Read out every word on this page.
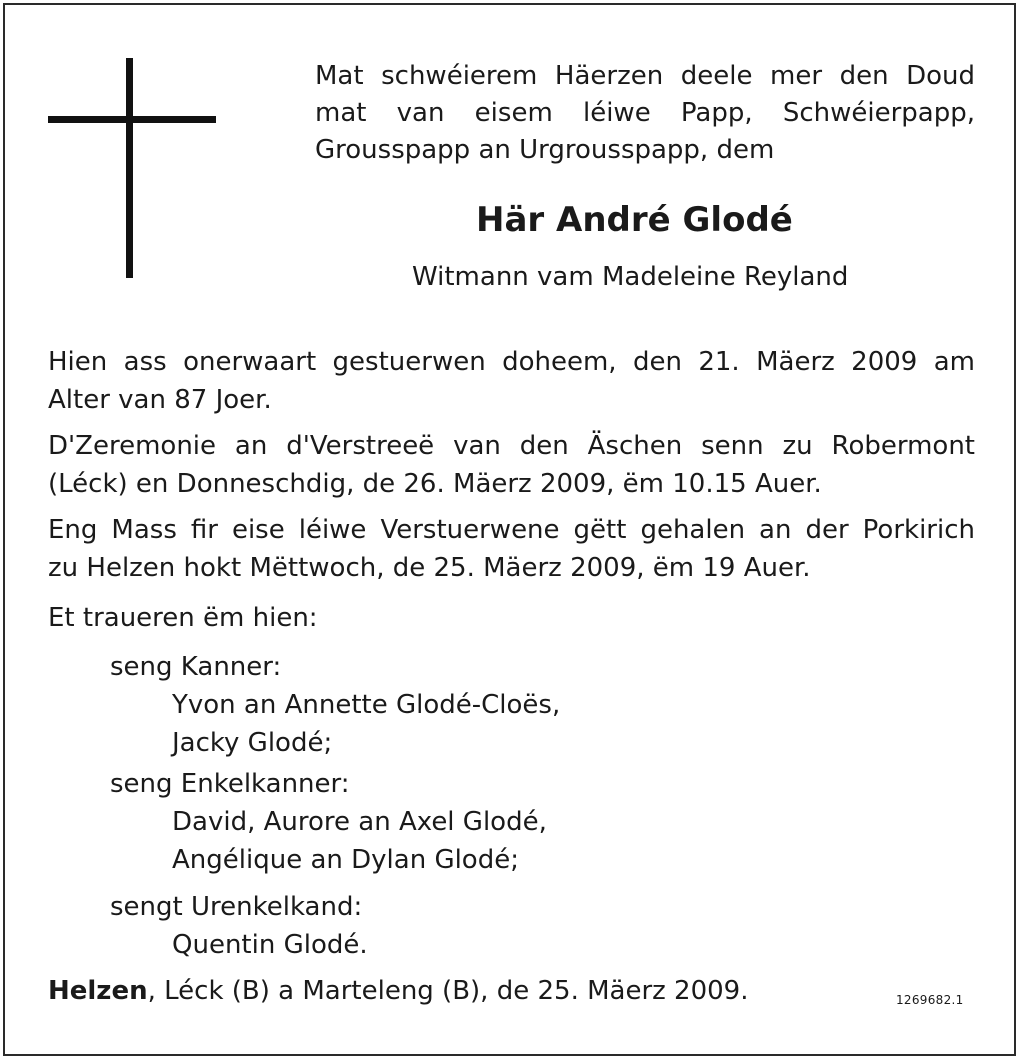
Mat schwéierem Häerzen deele mer den Doud
mat van eisem léiwe Papp, Schwéierpapp,
Grousspapp an Urgrousspapp, dem
Här André Glodé
Witmann vam Madeleine Reyland
Hien ass onerwaart gestuerwen doheem, den 21. Mäerz 2009 am
Alter van 87 Joer.
D'Zeremonie an d'Verstreeë van den Äschen senn zu Robermont
(Léck) en Donneschdig, de 26. Mäerz 2009, ëm 10.15 Auer.
Eng Mass fir eise léiwe Verstuerwene gëtt gehalen an der Porkirich
zu Helzen hokt Mëttwoch, de 25. Mäerz 2009, ëm 19 Auer.
Et traueren ëm hien:
seng Kanner:
Yvon an Annette Glodé-Cloës,
Jacky Glodé;
seng Enkelkanner:
David, Aurore an Axel Glodé,
Angélique an Dylan Glodé;
sengt Urenkelkand:
Quentin Glodé.
Helzen, Léck (B) a Marteleng (B), de 25. Mäerz 2009.	1269682.1
